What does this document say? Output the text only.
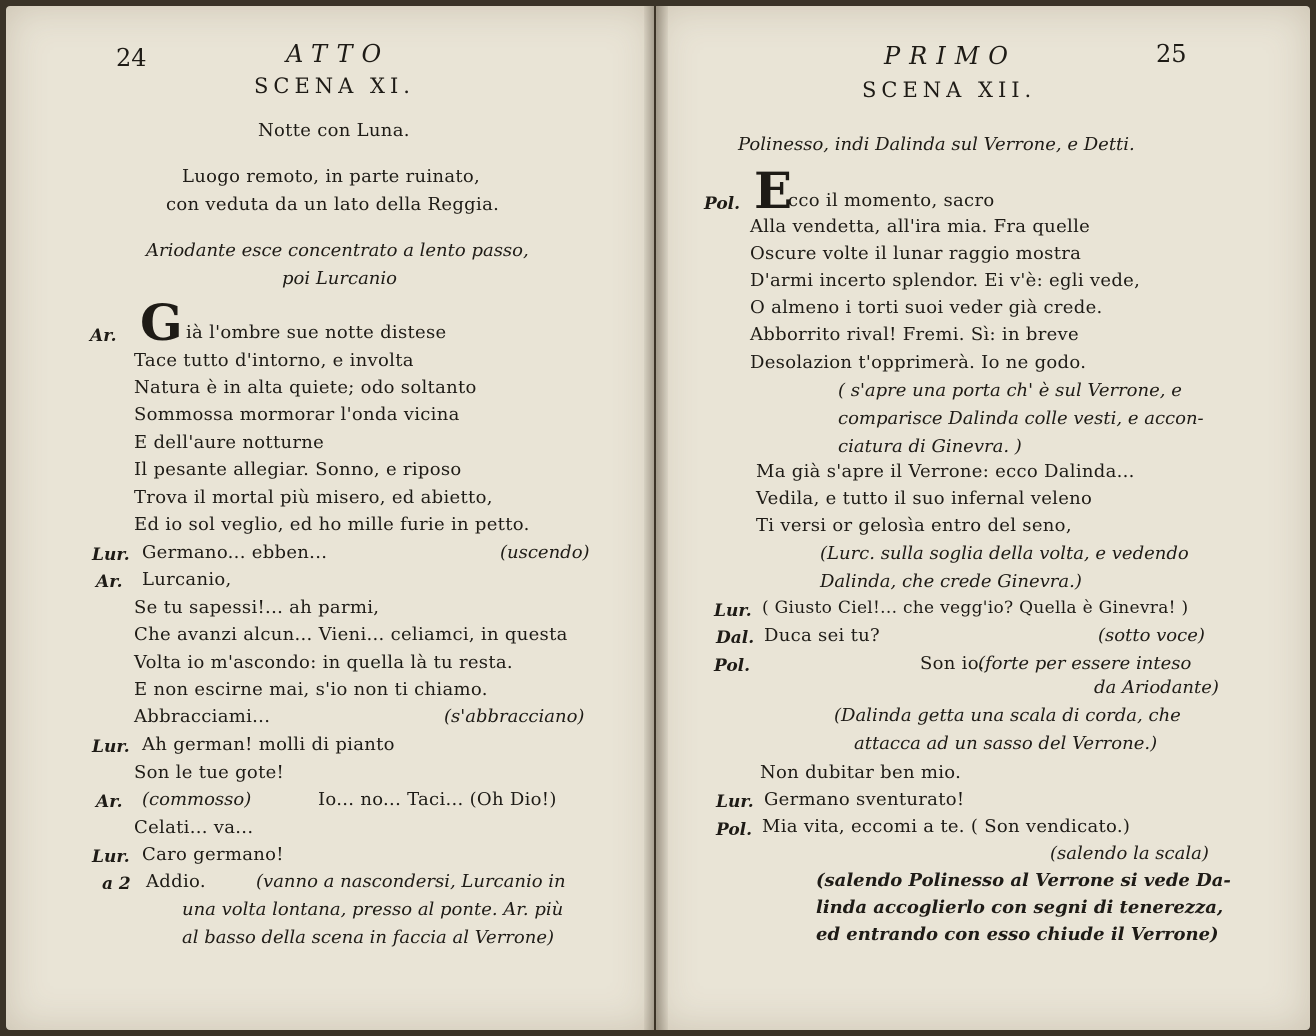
24	ATTO
SCENA XI.
Notte con Luna.
Luogo remoto, in parte ruinato,
con veduta da un lato della Reggia.
Ariodante esce concentrato a lento passo,
poi Lurcanio
Ar. G ià l'ombre sue notte distese
Tace tutto d'intorno, e involta
Natura è in alta quiete; odo soltanto
Sommossa mormorar l'onda vicina
E dell'aure notturne
Il pesante allegiar. Sonno, e riposo
Trova il mortal più misero, ed abietto,
Ed io sol veglio, ed ho mille furie in petto.
Lur. Germano... ebben...	(uscendo)
Ar. Lurcanio,
Se tu sapessi!... ah parmi,
Che avanzi alcun... Vieni... celiamci, in questa
Volta io m'ascondo: in quella là tu resta.
E non escirne mai, s'io non ti chiamo.
Abbracciami...	(s'abbracciano)
Lur. Ah german! molli di pianto
Son le tue gote!
Ar. (commosso)	Io... no... Taci... (Oh Dio!)
Celati... va...
Lur. Caro germano!
a 2 Addio.	(vanno a nascondersi, Lurcanio in
una volta lontana, presso al ponte. Ar. più
al basso della scena in faccia al Verrone)
PRIMO	25
SCENA XII.
Polinesso, indi Dalinda sul Verrone, e Detti.
Pol. E
cco il momento, sacro
Alla vendetta, all'ira mia. Fra quelle
Oscure volte il lunar raggio mostra
D'armi incerto splendor. Ei v'è: egli vede,
O almeno i torti suoi veder già crede.
Abborrito rival! Fremi. Sì: in breve
Desolazion t'opprimerà. Io ne godo.
( s'apre una porta ch' è sul Verrone, e
comparisce Dalinda colle vesti, e accon-
ciatura di Ginevra. )
Ma già s'apre il Verrone: ecco Dalinda...
Vedila, e tutto il suo infernal veleno
Ti versi or gelosìa entro del seno,
(Lurc. sulla soglia della volta, e vedendo
Dalinda, che crede Ginevra.)
Lur. ( Giusto Ciel!... che vegg'io? Quella è Ginevra! )
Dal. Duca sei tu?	(sotto voce)
Pol.	Son io.
(forte per essere inteso
da Ariodante)
(Dalinda getta una scala di corda, che
attacca ad un sasso del Verrone.)
Non dubitar ben mio.
Lur. Germano sventurato!
Pol. Mia vita, eccomi a te. ( Son vendicato.)
(salendo la scala)
(salendo Polinesso al Verrone si vede Da-
linda accoglierlo con segni di tenerezza,
ed entrando con esso chiude il Verrone)
